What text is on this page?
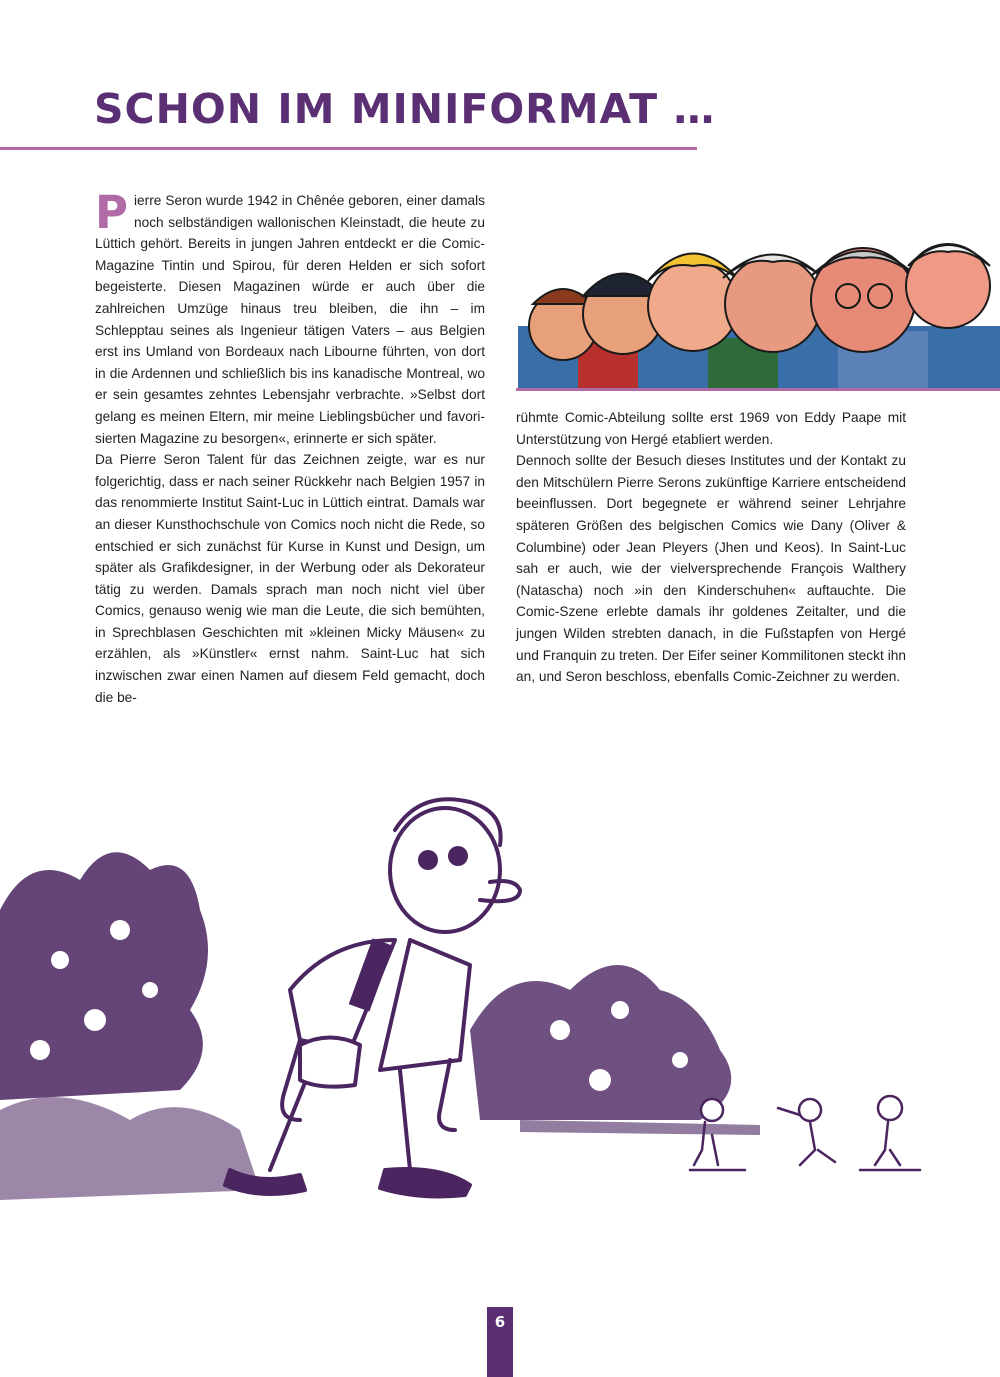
SCHON IM MINIFORMAT …
P ierre Seron wurde 1942 in Chênée geboren, einer damals noch selbständigen wallonischen Kleinstadt, die heute zu Lüttich gehört. Bereits in jungen Jahren entdeckt er die Comic-Magazine Tintin und Spirou, für deren Helden er sich sofort begeisterte. Diesen Magazinen würde er auch über die zahlreichen Umzüge hinaus treu bleiben, die ihn – im Schlepptau seines als Ingenieur tätigen Vaters – aus Belgien erst ins Umland von Bordeaux nach Libourne führten, von dort in die Ardennen und schließlich bis ins kanadische Montreal, wo er sein gesamtes zehntes Lebensjahr verbrachte. »Selbst dort gelang es meinen Eltern, mir meine Lieblingsbücher und favorisierten Magazine zu besorgen«, erinnerte er sich später.

Da Pierre Seron Talent für das Zeichnen zeigte, war es nur folgerichtig, dass er nach seiner Rückkehr nach Belgien 1957 in das renommierte Institut Saint-Luc in Lüttich eintrat. Damals war an dieser Kunsthochschule von Comics noch nicht die Rede, so entschied er sich zunächst für Kurse in Kunst und Design, um später als Grafikdesigner, in der Werbung oder als Dekorateur tätig zu werden. Damals sprach man noch nicht viel über Comics, genauso wenig wie man die Leute, die sich bemühten, in Sprechblasen Geschichten mit »kleinen Micky Mäusen« zu erzählen, als »Künstler« ernst nahm. Saint-Luc hat sich inzwischen zwar einen Namen auf diesem Feld gemacht, doch die be-

rühmte Comic-Abteilung sollte erst 1969 von Eddy Paape mit Unterstützung von Hergé etabliert werden.

Dennoch sollte der Besuch dieses Institutes und der Kontakt zu den Mitschülern Pierre Serons zukünftige Karriere entscheidend beeinflussen. Dort begegnete er während seiner Lehrjahre späteren Größen des belgischen Comics wie Dany (Oliver & Columbine) oder Jean Pleyers (Jhen und Keos). In Saint-Luc sah er auch, wie der vielversprechende François Walthery (Natascha) noch »in den Kinderschuhen« auftauchte. Die Comic-Szene erlebte damals ihr goldenes Zeitalter, und die jungen Wilden strebten danach, in die Fußstapfen von Hergé und Franquin zu treten. Der Eifer seiner Kommilitonen steckt ihn an, und Seron beschloss, ebenfalls Comic-Zeichner zu werden.

6
